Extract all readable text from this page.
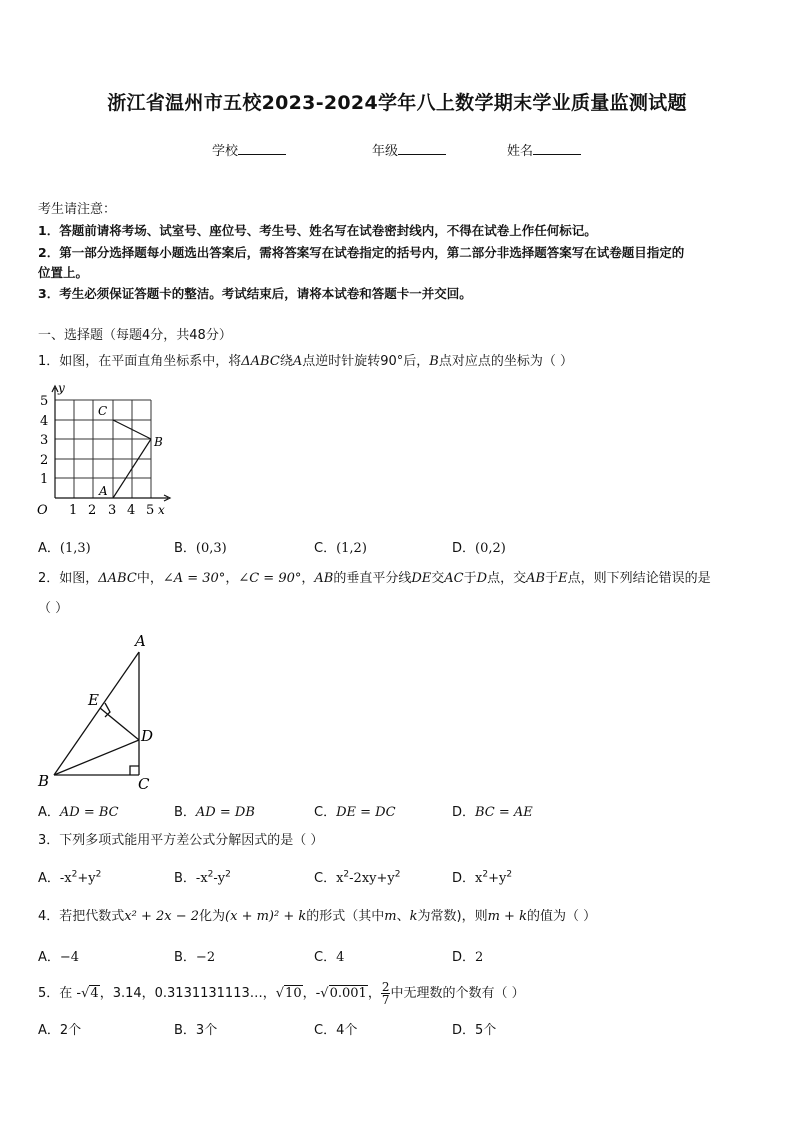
浙江省温州市五校2023-2024学年八上数学期末学业质量监测试题
学校	年级	姓名
考生请注意：
1．答题前请将考场、试室号、座位号、考生号、姓名写在试卷密封线内，不得在试卷上作任何标记。
2．第一部分选择题每小题选出答案后，需将答案写在试卷指定的括号内，第二部分非选择题答案写在试卷题目指定的
位置上。
3．考生必须保证答题卡的整洁。考试结束后，请将本试卷和答题卡一并交回。
一、选择题（每题4分，共48分）
1．如图，在平面直角坐标系中，将ΔABC绕A点逆时针旋转90°后，B点对应点的坐标为（ ）
y
x
O
5
4
3
2
1
1 2 3 4 5
C
B
A
A．(1,3)	B．(0,3)	C．(1,2)	D．(0,2)
2．如图，ΔABC中，∠A = 30°，∠C = 90°，AB的垂直平分线DE交AC于D点，交AB于E点，则下列结论错误的是
（ ）
A
B	C
D
E
A．AD = BC	B．AD = DB	C．DE = DC	D．BC = AE
3．下列多项式能用平方差公式分解因式的是（ ）
A．$-x^2+y^2$	B．$-x^2-y^2$	C．$x^2-2xy+y^2$	D．$x^2+y^2$
4．若把代数式x² + 2x − 2化为(x + m)² + k的形式（其中m、k为常数)，则m + k的值为（ ）
A．−4	B．−2	C．4	D．2
5．在 -√4，3.14，0.3131131113…，√10，-√0.001， $\frac{2}{7}$ 中无理数的个数有（ ）
A．2个	B．3个	C．4个	D．5个
